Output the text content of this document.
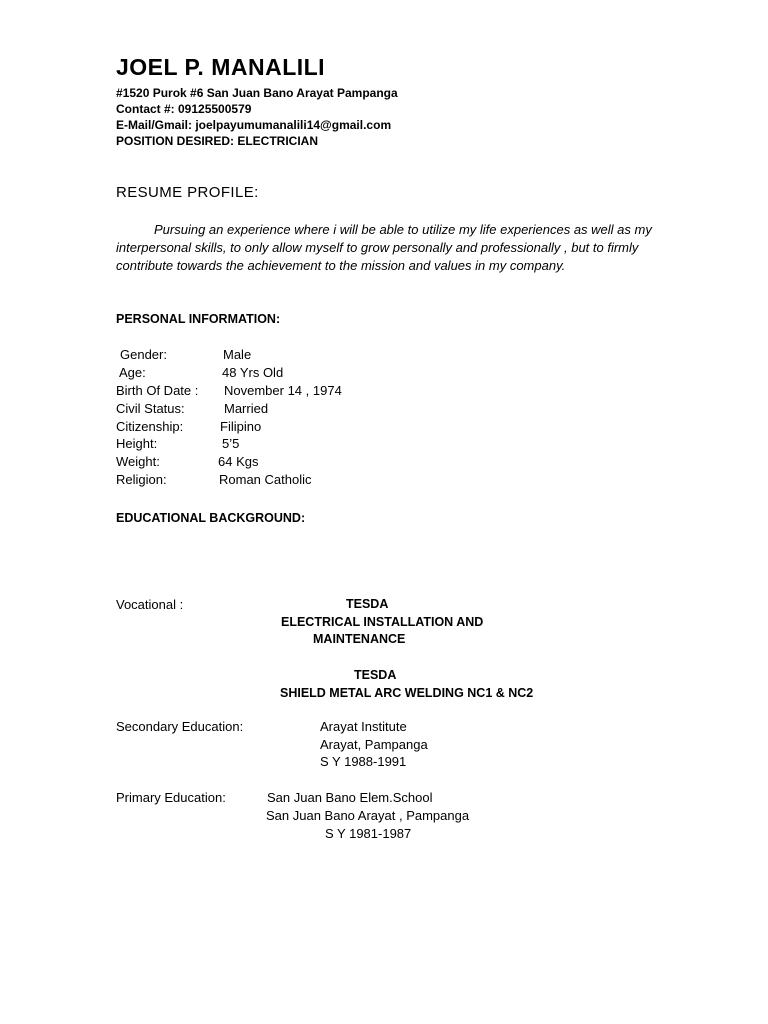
JOEL P. MANALILI
#1520 Purok #6 San Juan Bano Arayat Pampanga
Contact #: 09125500579
E-Mail/Gmail: joelpayumumanalili14@gmail.com
POSITION DESIRED: ELECTRICIAN
RESUME PROFILE:

Pursuing an experience where i will be able to utilize my life experiences as well as my interpersonal skills, to only allow myself to grow personally and professionally , but to firmly contribute towards the achievement to the mission and values in my company.

PERSONAL INFORMATION:
Gender:	Male
Age:	48 Yrs Old
Birth Of Date : November 14 , 1974
Civil Status:	Married
Citizenship:	Filipino
Height:	5’5
Weight:	64 Kgs
Religion:	Roman Catholic
EDUCATIONAL BACKGROUND:
Vocational :	TESDA
ELECTRICAL INSTALLATION AND
MAINTENANCE
TESDA
SHIELD METAL ARC WELDING NC1 & NC2
Secondary Education:	Arayat Institute
Arayat, Pampanga
S Y 1988-1991
Primary Education:	San Juan Bano Elem.School
San Juan Bano Arayat , Pampanga
S Y 1981-1987
